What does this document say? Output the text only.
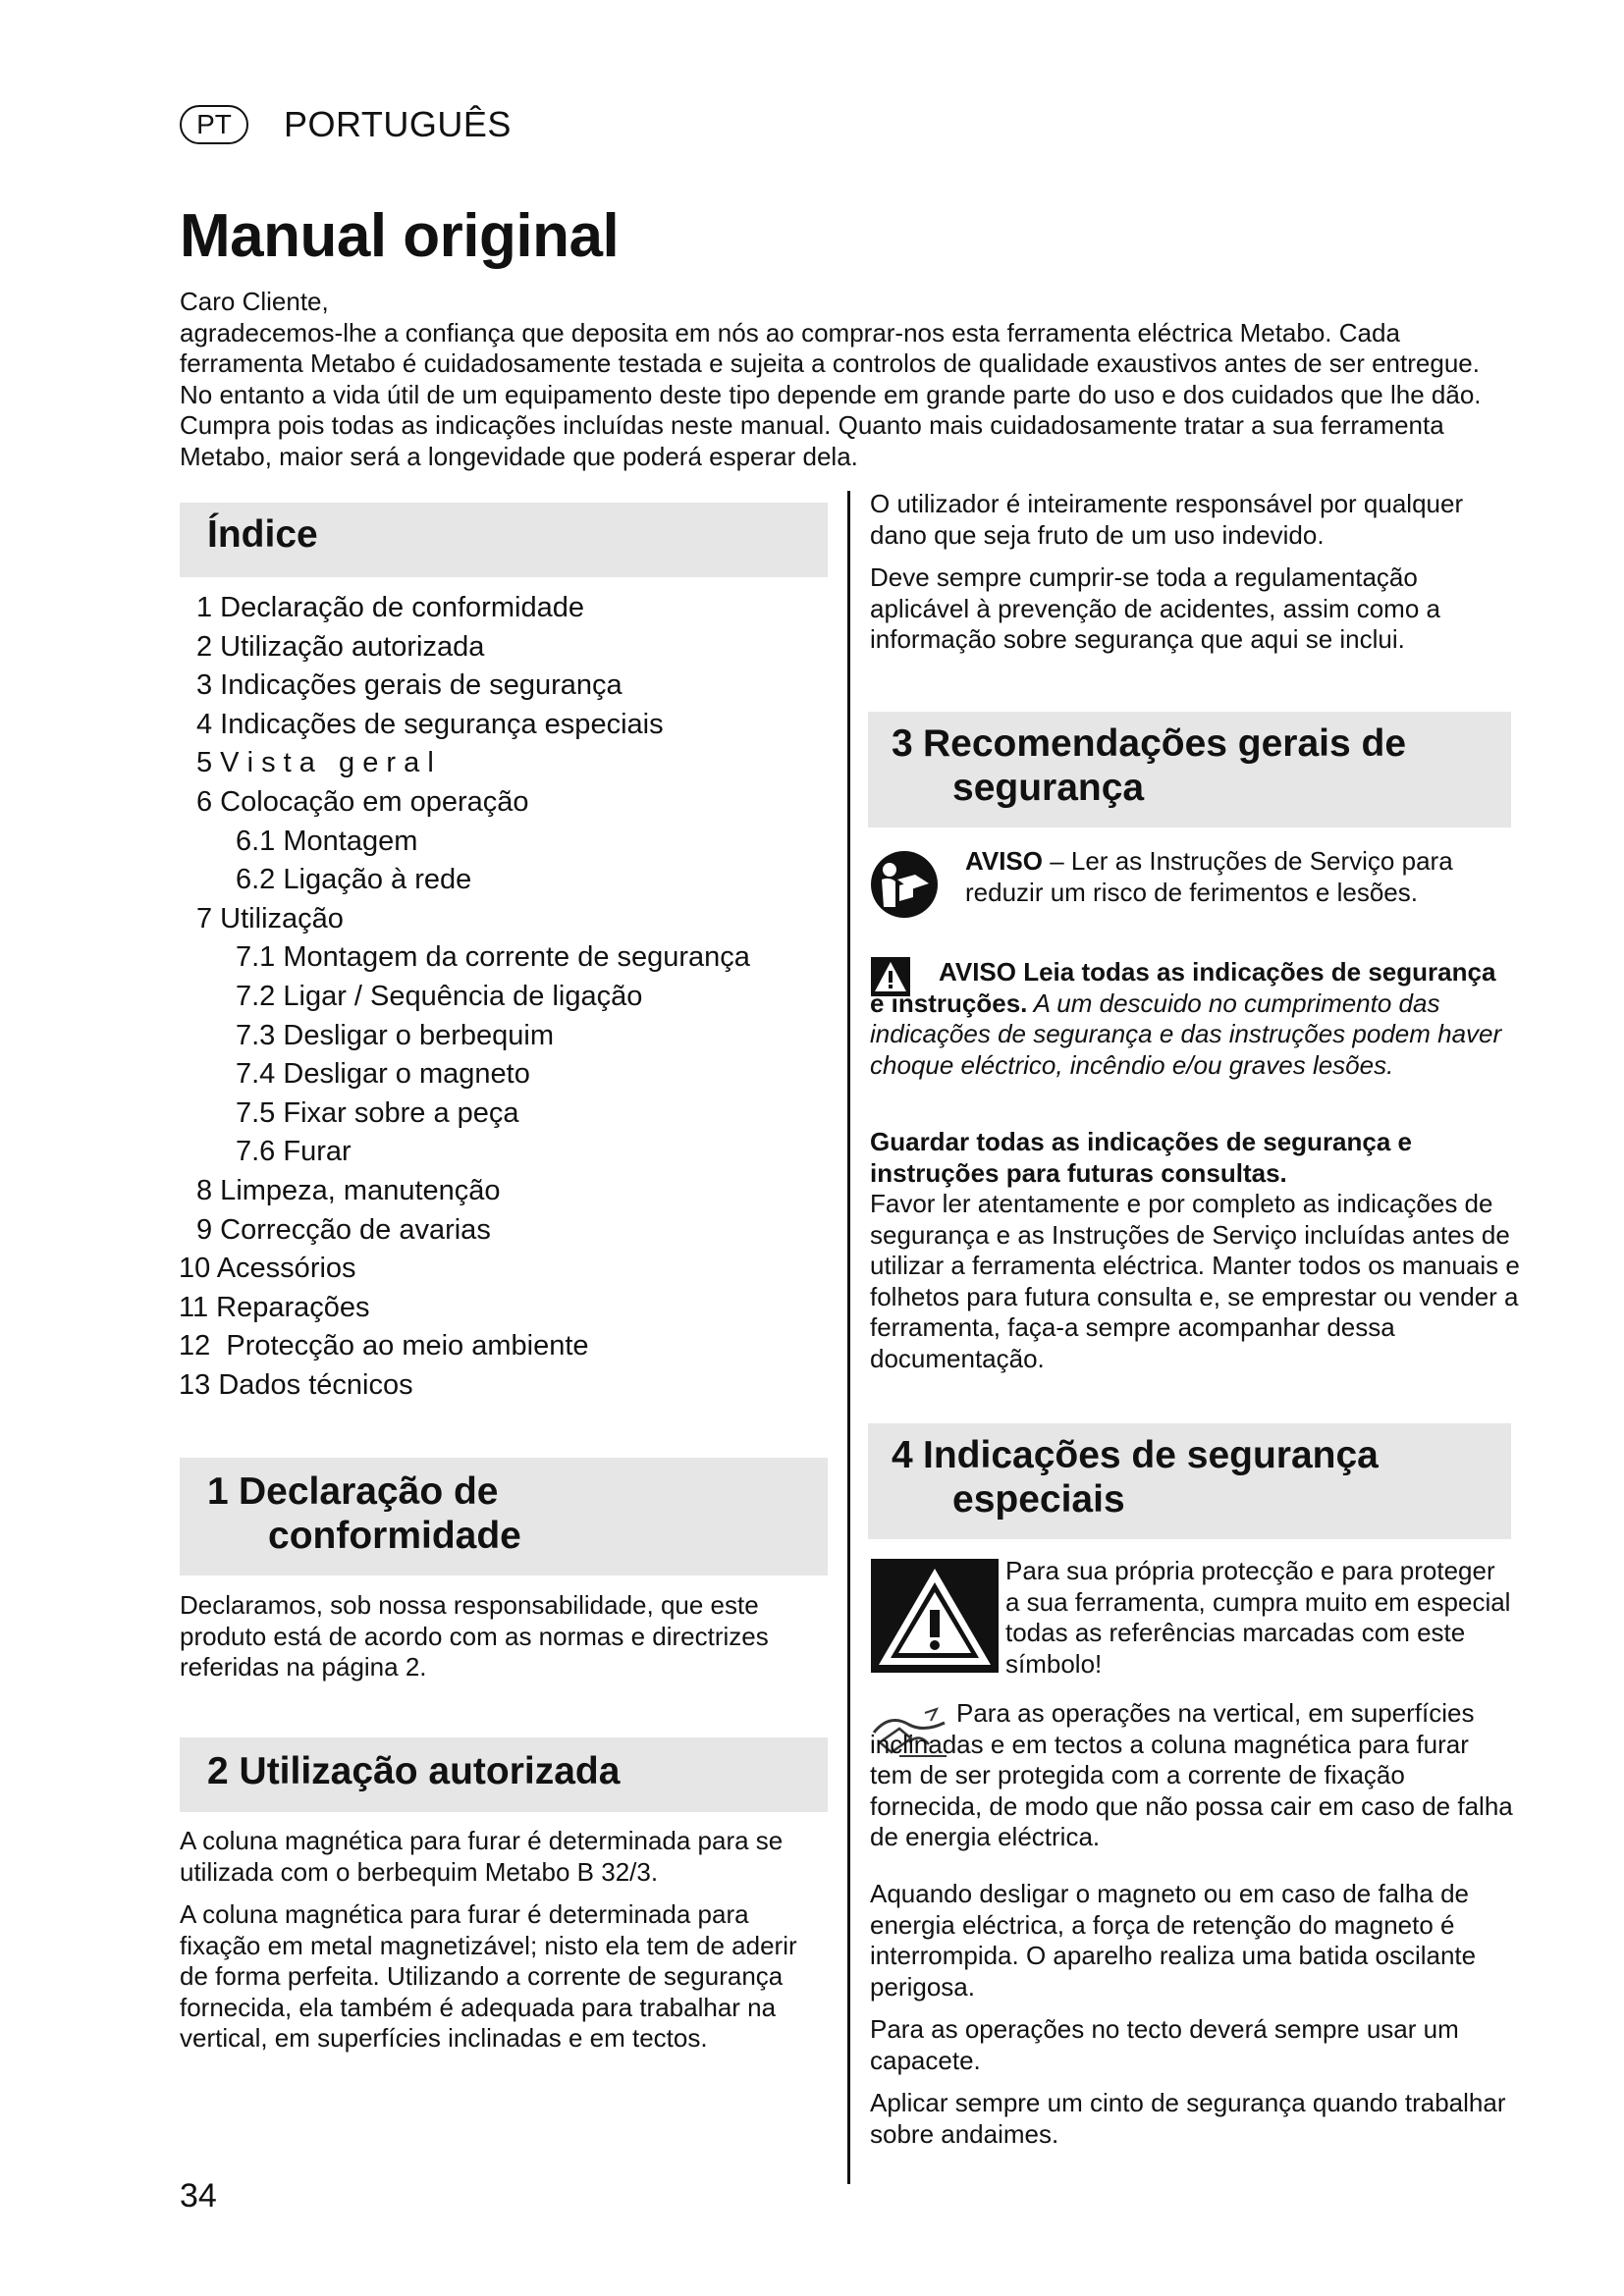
PT	PORTUGUÊS
Manual original

Caro Cliente,

agradecemos-lhe a confiança que deposita em nós ao comprar-nos esta ferramenta eléctrica Metabo. Cada ferramenta Metabo é cuidadosamente testada e sujeita a controlos de qualidade exaustivos antes de ser entregue. No entanto a vida útil de um equipamento deste tipo depende em grande parte do uso e dos cuidados que lhe dão. Cumpra pois todas as indicações incluídas neste manual. Quanto mais cuidadosamente tratar a sua ferramenta Metabo, maior será a longevidade que poderá esperar dela.

Índice
1 Declaração de conformidade
2 Utilização autorizada
3 Indicações gerais de segurança
4 Indicações de segurança especiais
5 V i s t a   g e r a l
6 Colocação em operação
6.1 Montagem
6.2 Ligação à rede
7 Utilização
7.1 Montagem da corrente de segurança
7.2 Ligar / Sequência de ligação
7.3 Desligar o berbequim
7.4 Desligar o magneto
7.5 Fixar sobre a peça
7.6 Furar
8 Limpeza, manutenção
9 Correcção de avarias
10 Acessórios
11 Reparações
12  Protecção ao meio ambiente
13 Dados técnicos
1 Declaração de
conformidade

Declaramos, sob nossa responsabilidade, que este produto está de acordo com as normas e directrizes referidas na página 2.

2 Utilização autorizada

A coluna magnética para furar é determinada para se utilizada com o berbequim Metabo B 32/3.

A coluna magnética para furar é determinada para fixação em metal magnetizável; nisto ela tem de aderir de forma perfeita. Utilizando a corrente de segurança fornecida, ela também é adequada para trabalhar na vertical, em superfícies inclinadas e em tectos.

O utilizador é inteiramente responsável por qualquer dano que seja fruto de um uso indevido.

Deve sempre cumprir-se toda a regulamentação aplicável à prevenção de acidentes, assim como a informação sobre segurança que aqui se inclui.

3 Recomendações gerais de
segurança
AVISO – Ler as Instruções de Serviço para reduzir um risco de ferimentos e lesões.

AVISO Leia todas as indicações de segurança e instruções. A um descuido no cumprimento das indicações de segurança e das instruções podem haver choque eléctrico, incêndio e/ou graves lesões.

Guardar todas as indicações de segurança e instruções para futuras consultas.

Favor ler atentamente e por completo as indicações de segurança e as Instruções de Serviço incluídas antes de utilizar a ferramenta eléctrica. Manter todos os manuais e folhetos para futura consulta e, se emprestar ou vender a ferramenta, faça-a sempre acompanhar dessa documentação.

4 Indicações de segurança
especiais

Para sua própria protecção e para proteger a sua ferramenta, cumpra muito em especial todas as referências marcadas com este símbolo!

Para as operações na vertical, em superfícies inclinadas e em tectos a coluna magnética para furar tem de ser protegida com a corrente de fixação fornecida, de modo que não possa cair em caso de falha de energia eléctrica.

Aquando desligar o magneto ou em caso de falha de energia eléctrica, a força de retenção do magneto é interrompida. O aparelho realiza uma batida oscilante perigosa.

Para as operações no tecto deverá sempre usar um capacete.

Aplicar sempre um cinto de segurança quando trabalhar sobre andaimes.

34
